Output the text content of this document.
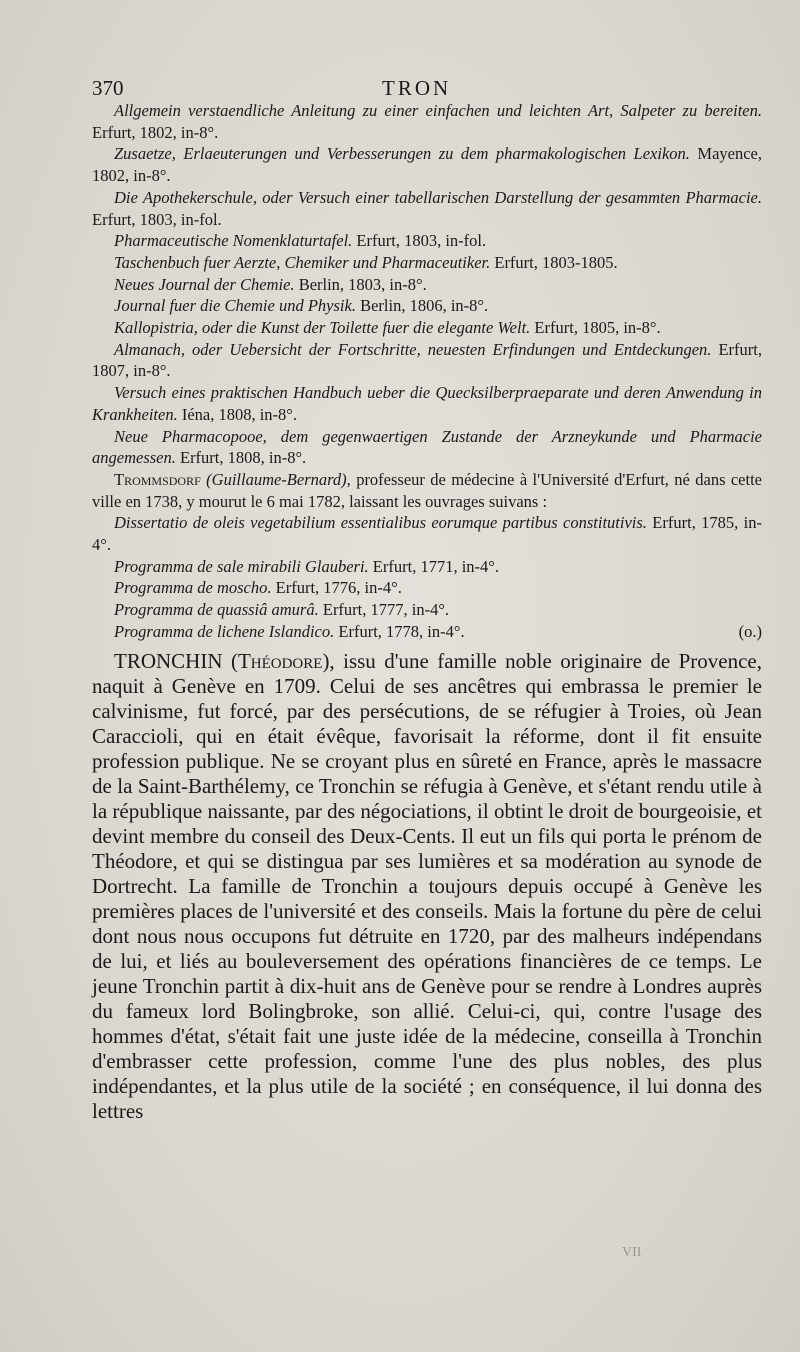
370	TRON

Allgemein verstaendliche Anleitung zu einer einfachen und leichten Art, Salpeter zu bereiten. Erfurt, 1802, in-8°.

Zusaetze, Erlaeuterungen und Verbesserungen zu dem pharmakologischen Lexikon. Mayence, 1802, in-8°.

Die Apothekerschule, oder Versuch einer tabellarischen Darstellung der gesammten Pharmacie. Erfurt, 1803, in-fol.

Pharmaceutische Nomenklaturtafel. Erfurt, 1803, in-fol.

Taschenbuch fuer Aerzte, Chemiker und Pharmaceutiker. Erfurt, 1803-1805.

Neues Journal der Chemie. Berlin, 1803, in-8°.

Journal fuer die Chemie und Physik. Berlin, 1806, in-8°.

Kallopistria, oder die Kunst der Toilette fuer die elegante Welt. Erfurt, 1805, in-8°.

Almanach, oder Uebersicht der Fortschritte, neuesten Erfindungen und Entdeckungen. Erfurt, 1807, in-8°.

Versuch eines praktischen Handbuch ueber die Quecksilberpraeparate und deren Anwendung in Krankheiten. Iéna, 1808, in-8°.

Neue Pharmacopooe, dem gegenwaertigen Zustande der Arzneykunde und Pharmacie angemessen. Erfurt, 1808, in-8°.

Trommsdorf (Guillaume-Bernard), professeur de médecine à l'Université d'Erfurt, né dans cette ville en 1738, y mourut le 6 mai 1782, laissant les ouvrages suivans :

Dissertatio de oleis vegetabilium essentialibus eorumque partibus constitutivis. Erfurt, 1785, in-4°.

Programma de sale mirabili Glauberi. Erfurt, 1771, in-4°.

Programma de moscho. Erfurt, 1776, in-4°.

Programma de quassiâ amurâ. Erfurt, 1777, in-4°.

Programma de lichene Islandico. Erfurt, 1778, in-4°.	(o.)

TRONCHIN (Théodore), issu d'une famille noble originaire de Provence, naquit à Genève en 1709. Celui de ses ancêtres qui embrassa le premier le calvinisme, fut forcé, par des persécutions, de se réfugier à Troies, où Jean Caraccioli, qui en était évêque, favorisait la réforme, dont il fit ensuite profession publique. Ne se croyant plus en sûreté en France, après le massacre de la Saint-Barthélemy, ce Tronchin se réfugia à Genève, et s'étant rendu utile à la république naissante, par des négociations, il obtint le droit de bourgeoisie, et devint membre du conseil des Deux-Cents. Il eut un fils qui porta le prénom de Théodore, et qui se distingua par ses lumières et sa modération au synode de Dortrecht. La famille de Tronchin a toujours depuis occupé à Genève les premières places de l'université et des conseils. Mais la fortune du père de celui dont nous nous occupons fut détruite en 1720, par des malheurs indépendans de lui, et liés au bouleversement des opérations financières de ce temps. Le jeune Tronchin partit à dix-huit ans de Genève pour se rendre à Londres auprès du fameux lord Bolingbroke, son allié. Celui-ci, qui, contre l'usage des hommes d'état, s'était fait une juste idée de la médecine, conseilla à Tronchin d'embrasser cette profession, comme l'une des plus nobles, des plus indépendantes, et la plus utile de la société ; en conséquence, il lui donna des lettres

VII
